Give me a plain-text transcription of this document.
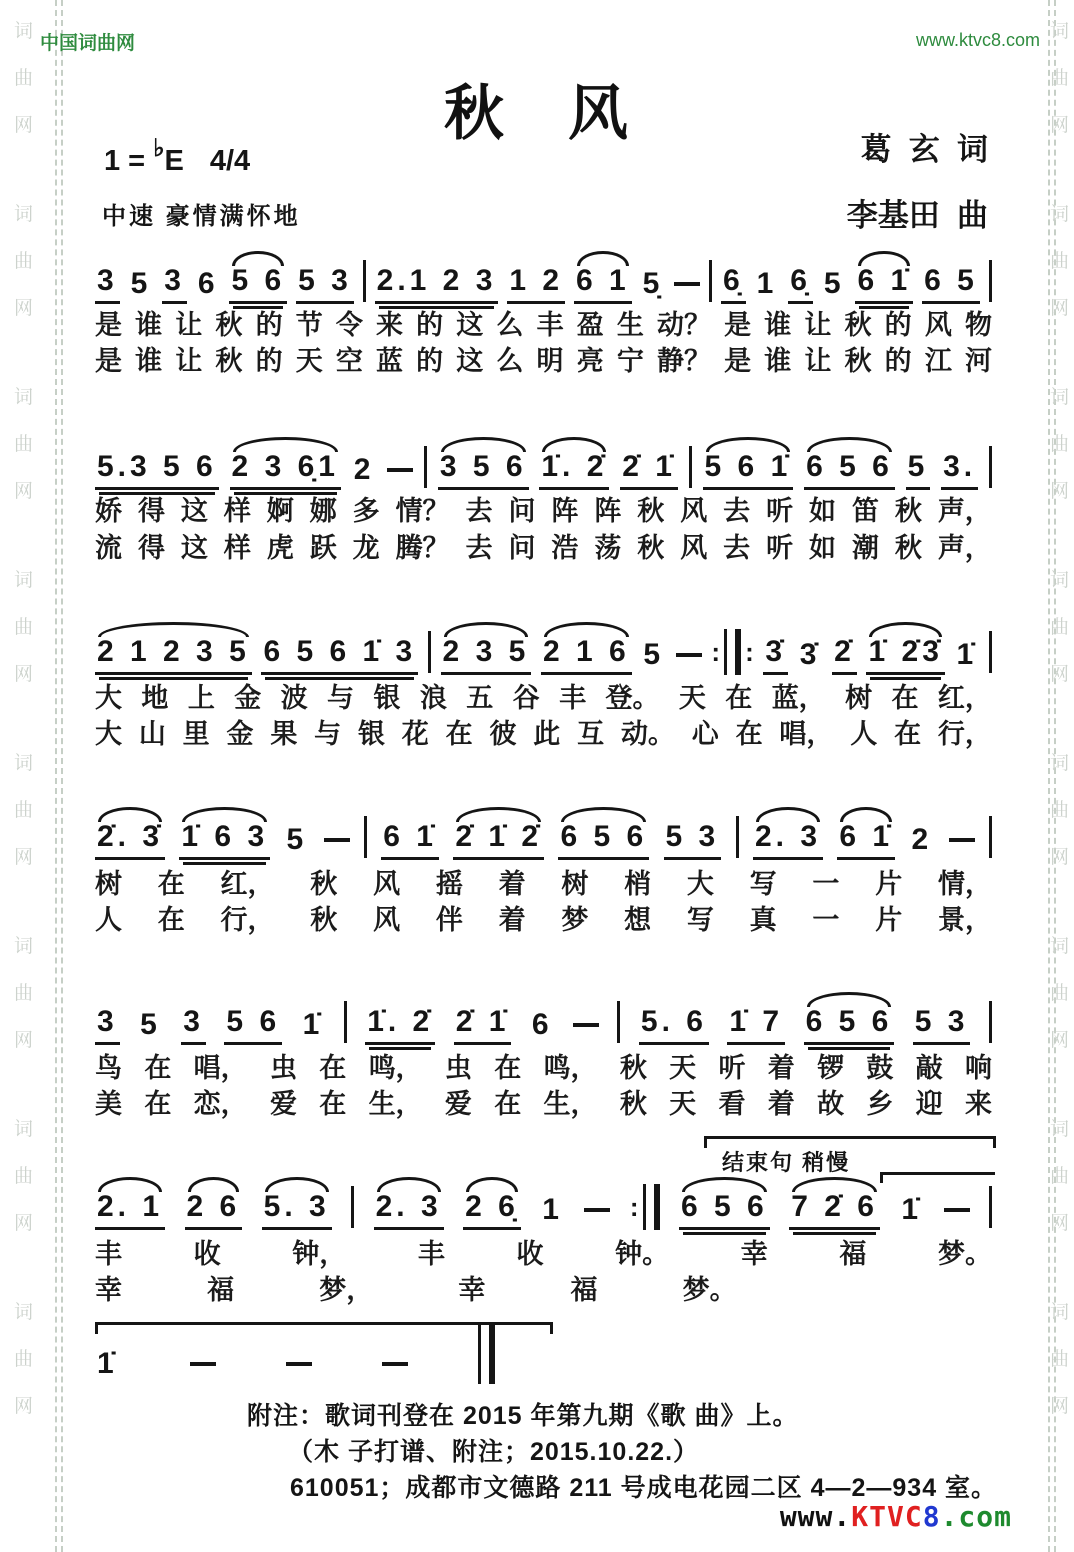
词
曲
网
词
曲
网
词
曲
网
词
曲
网
词
曲
网
词
曲
网
词
曲
网
词
曲
网
词
曲
网
词
曲
网
词
曲
网
词
曲
网
词
曲
网
词
曲
网
词
曲
网
词
曲
网
中国词曲网	www.ktvc8.com
秋　风
1 = ♭E 4/4
中速 豪情满怀地
葛  玄  词
李基田  曲
3 5 3 6 5 6 5 3 2.1 2 3 1 2 6 1 5̣ 6̣ 1 6̣ 5 6 1̇ 6 5
是 谁 让 秋 的 节 令 来 的 这 么 丰 盈 生 动？ 是 谁 让 秋 的 风 物
是 谁 让 秋 的 天 空 蓝 的 这 么 明 亮 宁 静？ 是 谁 让 秋 的 江 河
5.3 5 6 2 3 6̣1 2 3 5 6 1̇. 2̇ 2̇ 1̇ 5 6 1̇ 6 5 6 5 3.
娇 得 这 样 婀 娜 多 情？ 去 问 阵 阵 秋 风 去 听 如 笛 秋 声，
流 得 这 样 虎 跃 龙 腾？ 去 问 浩 荡 秋 风 去 听 如 潮 秋 声，
2 1 2 3 5 6 5 6 1̇ 3 2 3 5 2 1 6 5 : : 3̇ 3̇ 2̇ 1̇ 2̇3̇ 1̇
大 地 上 金 波 与 银 浪 五 谷 丰 登。 天 在 蓝， 树 在 红，
大 山 里 金 果 与 银 花 在 彼 此 互 动。 心 在 唱， 人 在 行，
2̇. 3̇ 1̇ 6 3 5	6 1̇ 2̇ 1̇ 2̇ 6 5 6 5 3 2. 3 6 1̇ 2
树 在 红， 秋 风 摇 着 树 梢 大 写 一 片 情，
人 在 行， 秋 风 伴 着 梦 想 写 真 一 片 景，
3 5 3 5 6 1̇ 1̇. 2̇ 2̇ 1̇ 6	5. 6 1̇ 7 6 5 6 5 3
鸟 在 唱， 虫 在 鸣， 虫 在 鸣， 秋 天 听 着 锣 鼓 敲 响
美 在 恋， 爱 在 生， 爱 在 生， 秋 天 看 着 故 乡 迎 来
2. 1 2 6 5. 3 2. 3 2 6̣ 1	: 6 5 6 7 2̇ 6 1̇
丰	收	钟，	丰	收	钟。	幸	福	梦。
幸	福	梦，	幸	福	梦。
1̇
结束句 稍慢
附注：歌词刊登在 2015 年第九期《歌 曲》上。
（木 子打谱、附注；2015.10.22.）
610051；成都市文德路 211 号成电花园二区 4—2—934 室。
www.KTVC8.com
